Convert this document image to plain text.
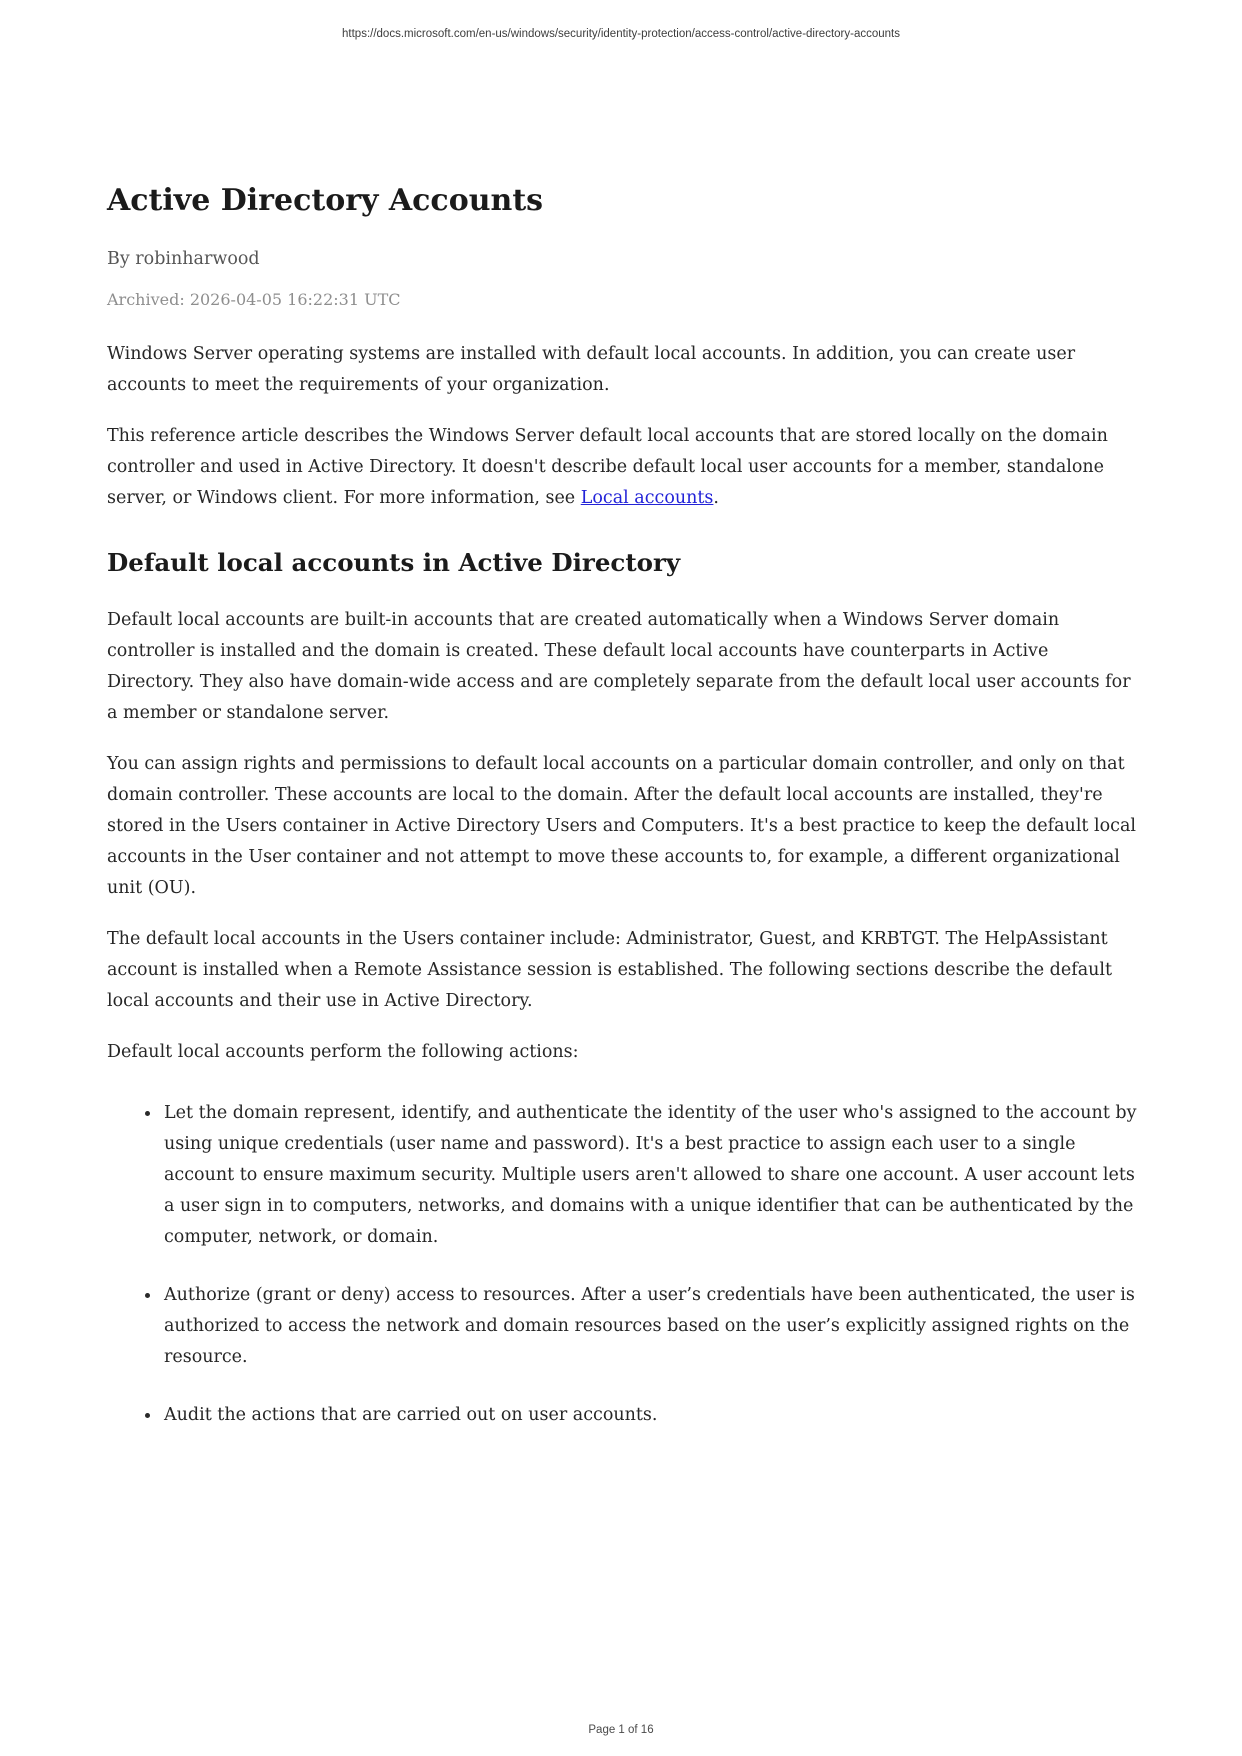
https://docs.microsoft.com/en-us/windows/security/identity-protection/access-control/active-directory-accounts
Active Directory Accounts
By robinharwood
Archived: 2026-04-05 16:22:31 UTC

Windows Server operating systems are installed with default local accounts. In addition, you can create user accounts to meet the requirements of your organization.

This reference article describes the Windows Server default local accounts that are stored locally on the domain controller and used in Active Directory. It doesn't describe default local user accounts for a member, standalone server, or Windows client. For more information, see Local accounts.

Default local accounts in Active Directory

Default local accounts are built-in accounts that are created automatically when a Windows Server domain controller is installed and the domain is created. These default local accounts have counterparts in Active Directory. They also have domain-wide access and are completely separate from the default local user accounts for a member or standalone server.

You can assign rights and permissions to default local accounts on a particular domain controller, and only on that domain controller. These accounts are local to the domain. After the default local accounts are installed, they're stored in the Users container in Active Directory Users and Computers. It's a best practice to keep the default local accounts in the User container and not attempt to move these accounts to, for example, a different organizational unit (OU).

The default local accounts in the Users container include: Administrator, Guest, and KRBTGT. The HelpAssistant account is installed when a Remote Assistance session is established. The following sections describe the default local accounts and their use in Active Directory.

Default local accounts perform the following actions:

Let the domain represent, identify, and authenticate the identity of the user who's assigned to the account by using unique credentials (user name and password). It's a best practice to assign each user to a single account to ensure maximum security. Multiple users aren't allowed to share one account. A user account lets a user sign in to computers, networks, and domains with a unique identifier that can be authenticated by the computer, network, or domain.
Authorize (grant or deny) access to resources. After a user’s credentials have been authenticated, the user is authorized to access the network and domain resources based on the user’s explicitly assigned rights on the resource.
Audit the actions that are carried out on user accounts.
Page 1 of 16
